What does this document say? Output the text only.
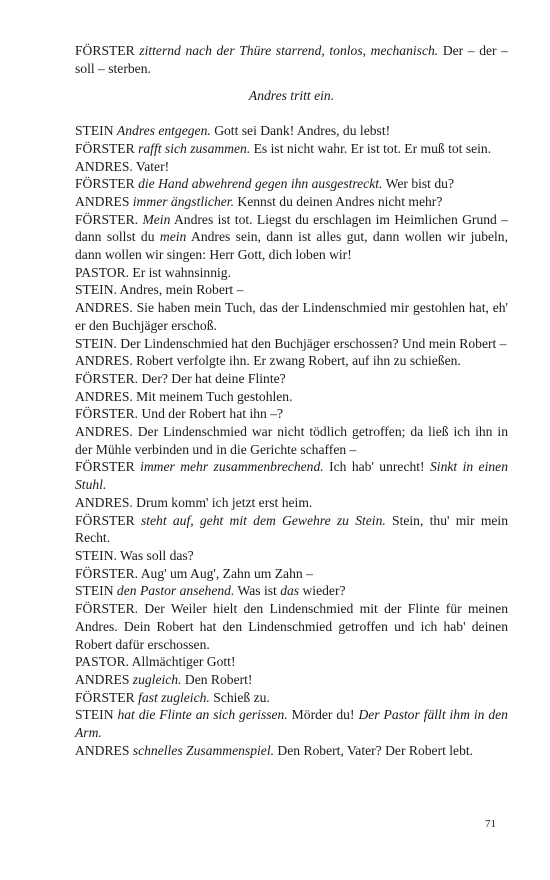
FÖRSTER zitternd nach der Thüre starrend, tonlos, mechanisch. Der – der – soll – sterben.

Andres tritt ein.

STEIN Andres entgegen. Gott sei Dank! Andres, du lebst!

FÖRSTER rafft sich zusammen. Es ist nicht wahr. Er ist tot. Er muß tot sein.

ANDRES. Vater!

FÖRSTER die Hand abwehrend gegen ihn ausgestreckt. Wer bist du?

ANDRES immer ängstlicher. Kennst du deinen Andres nicht mehr?

FÖRSTER. Mein Andres ist tot. Liegst du erschlagen im Heimlichen Grund – dann sollst du mein Andres sein, dann ist alles gut, dann wollen wir jubeln, dann wollen wir singen: Herr Gott, dich loben wir!

PASTOR. Er ist wahnsinnig.

STEIN. Andres, mein Robert –

ANDRES. Sie haben mein Tuch, das der Lindenschmied mir gestohlen hat, eh' er den Buchjäger erschoß.

STEIN. Der Lindenschmied hat den Buchjäger erschossen? Und mein Robert –

ANDRES. Robert verfolgte ihn. Er zwang Robert, auf ihn zu schießen.

FÖRSTER. Der? Der hat deine Flinte?

ANDRES. Mit meinem Tuch gestohlen.

FÖRSTER. Und der Robert hat ihn –?

ANDRES. Der Lindenschmied war nicht tödlich getroffen; da ließ ich ihn in der Mühle verbinden und in die Gerichte schaffen –

FÖRSTER immer mehr zusammenbrechend. Ich hab' unrecht! Sinkt in einen Stuhl.

ANDRES. Drum komm' ich jetzt erst heim.

FÖRSTER steht auf, geht mit dem Gewehre zu Stein. Stein, thu' mir mein Recht.

STEIN. Was soll das?

FÖRSTER. Aug' um Aug', Zahn um Zahn –

STEIN den Pastor ansehend. Was ist das wieder?

FÖRSTER. Der Weiler hielt den Lindenschmied mit der Flinte für meinen Andres. Dein Robert hat den Lindenschmied getroffen und ich hab' deinen Robert dafür erschossen.

PASTOR. Allmächtiger Gott!

ANDRES zugleich. Den Robert!

FÖRSTER fast zugleich. Schieß zu.

STEIN hat die Flinte an sich gerissen. Mörder du! Der Pastor fällt ihm in den Arm.

ANDRES schnelles Zusammenspiel. Den Robert, Vater? Der Robert lebt.

71
